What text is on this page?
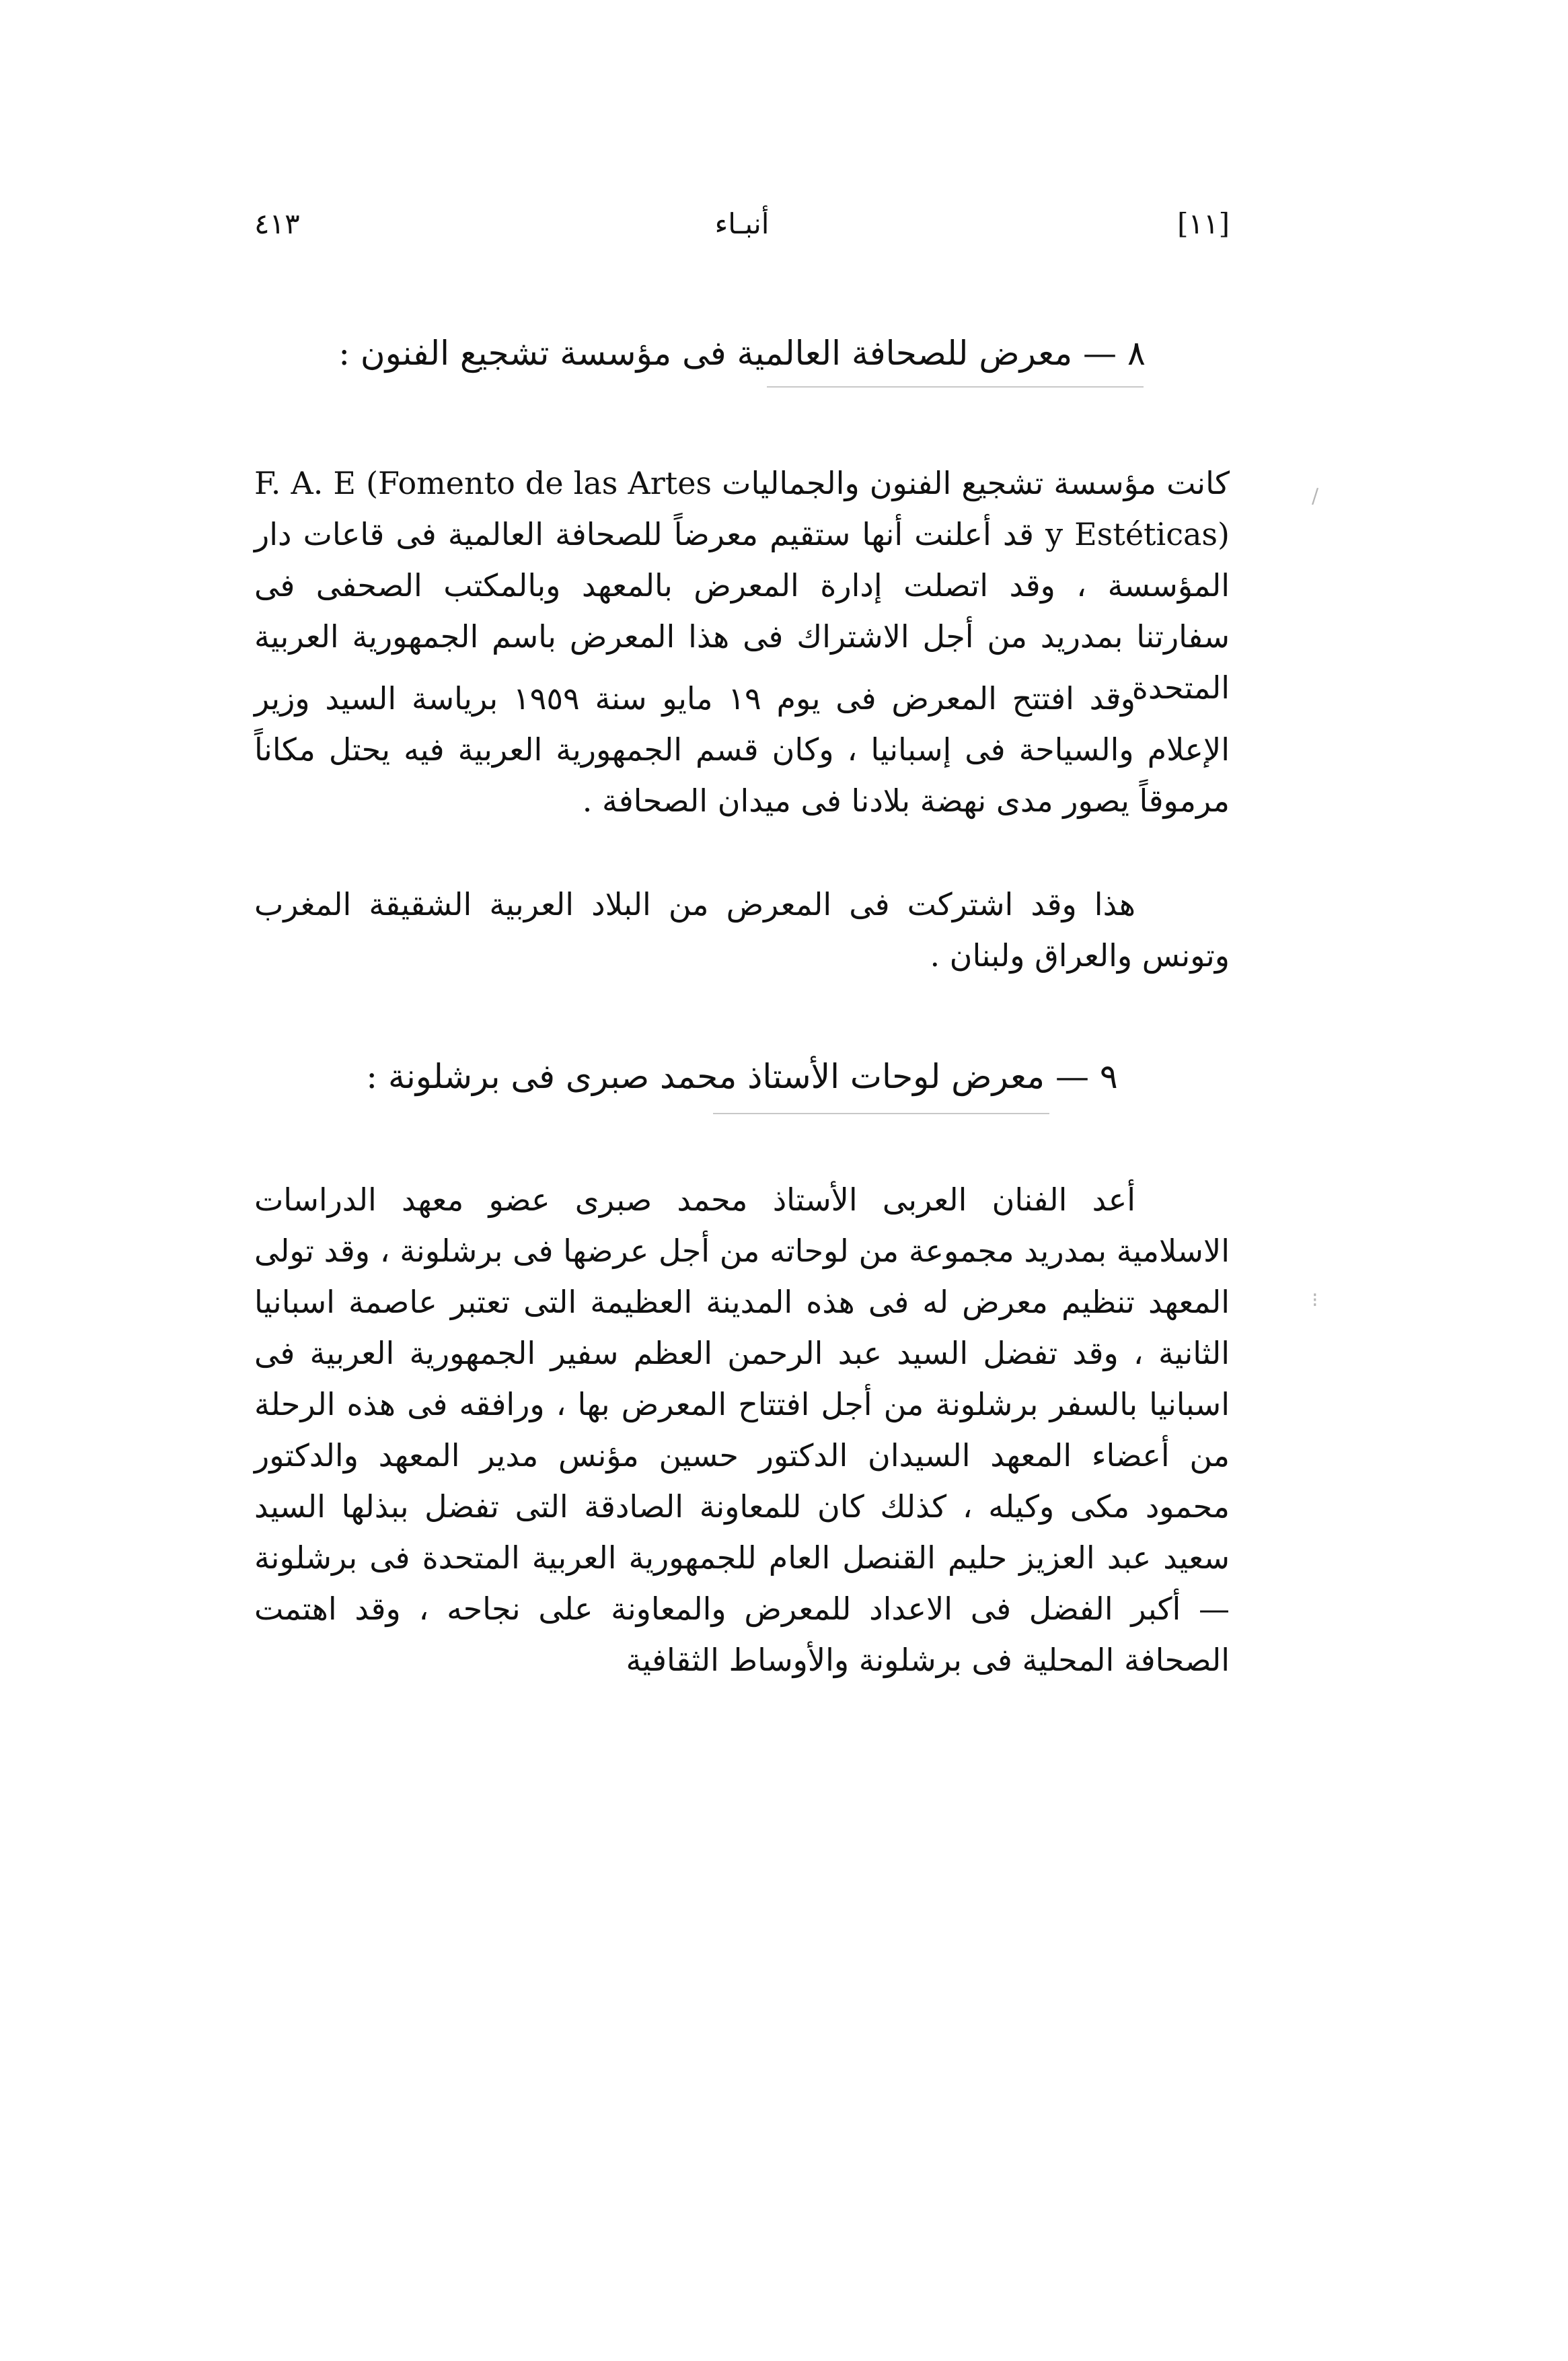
٤١٣	أنبـاء	[١١]
٨ — معرض للصحافة العالمية فى مؤسسة تشجيع الفنون :

كانت مؤسسة تشجيع الفنون والجماليات F. A. E (Fomento de las Artes y Estéticas) قد أعلنت أنها ستقيم معرضاً للصحافة العالمية فى قاعات دار المؤسسة ، وقد اتصلت إدارة المعرض بالمعهد وبالمكتب الصحفى فى سفارتنا بمدريد من أجل الاشتراك فى هذا المعرض باسم الجمهورية العربية المتحدة .

وقد افتتح المعرض فى يوم ١٩ مايو سنة ١٩٥٩ برياسة السيد وزير الإعلام والسياحة فى إسبانيا ، وكان قسم الجمهورية العربية فيه يحتل مكاناً مرموقاً يصور مدى نهضة بلادنا فى ميدان الصحافة .

هذا وقد اشتركت فى المعرض من البلاد العربية الشقيقة المغرب وتونس والعراق ولبنان .

٩ — معرض لوحات الأستاذ محمد صبرى فى برشلونة :

أعد الفنان العربى الأستاذ محمد صبرى عضو معهد الدراسات الاسلامية بمدريد مجموعة من لوحاته من أجل عرضها فى برشلونة ، وقد تولى المعهد تنظيم معرض له فى هذه المدينة العظيمة التى تعتبر عاصمة اسبانيا الثانية ، وقد تفضل السيد عبد الرحمن العظم سفير الجمهورية العربية فى اسبانيا بالسفر برشلونة من أجل افتتاح المعرض بها ، ورافقه فى هذه الرحلة من أعضاء المعهد السيدان الدكتور حسين مؤنس مدير المعهد والدكتور محمود مكى وكيله ، كذلك كان للمعاونة الصادقة التى تفضل ببذلها السيد سعيد عبد العزيز حليم القنصل العام للجمهورية العربية المتحدة فى برشلونة — أكبر الفضل فى الاعداد للمعرض والمعاونة على نجاحه ، وقد اهتمت الصحافة المحلية فى برشلونة والأوساط الثقافية

/
⁝
